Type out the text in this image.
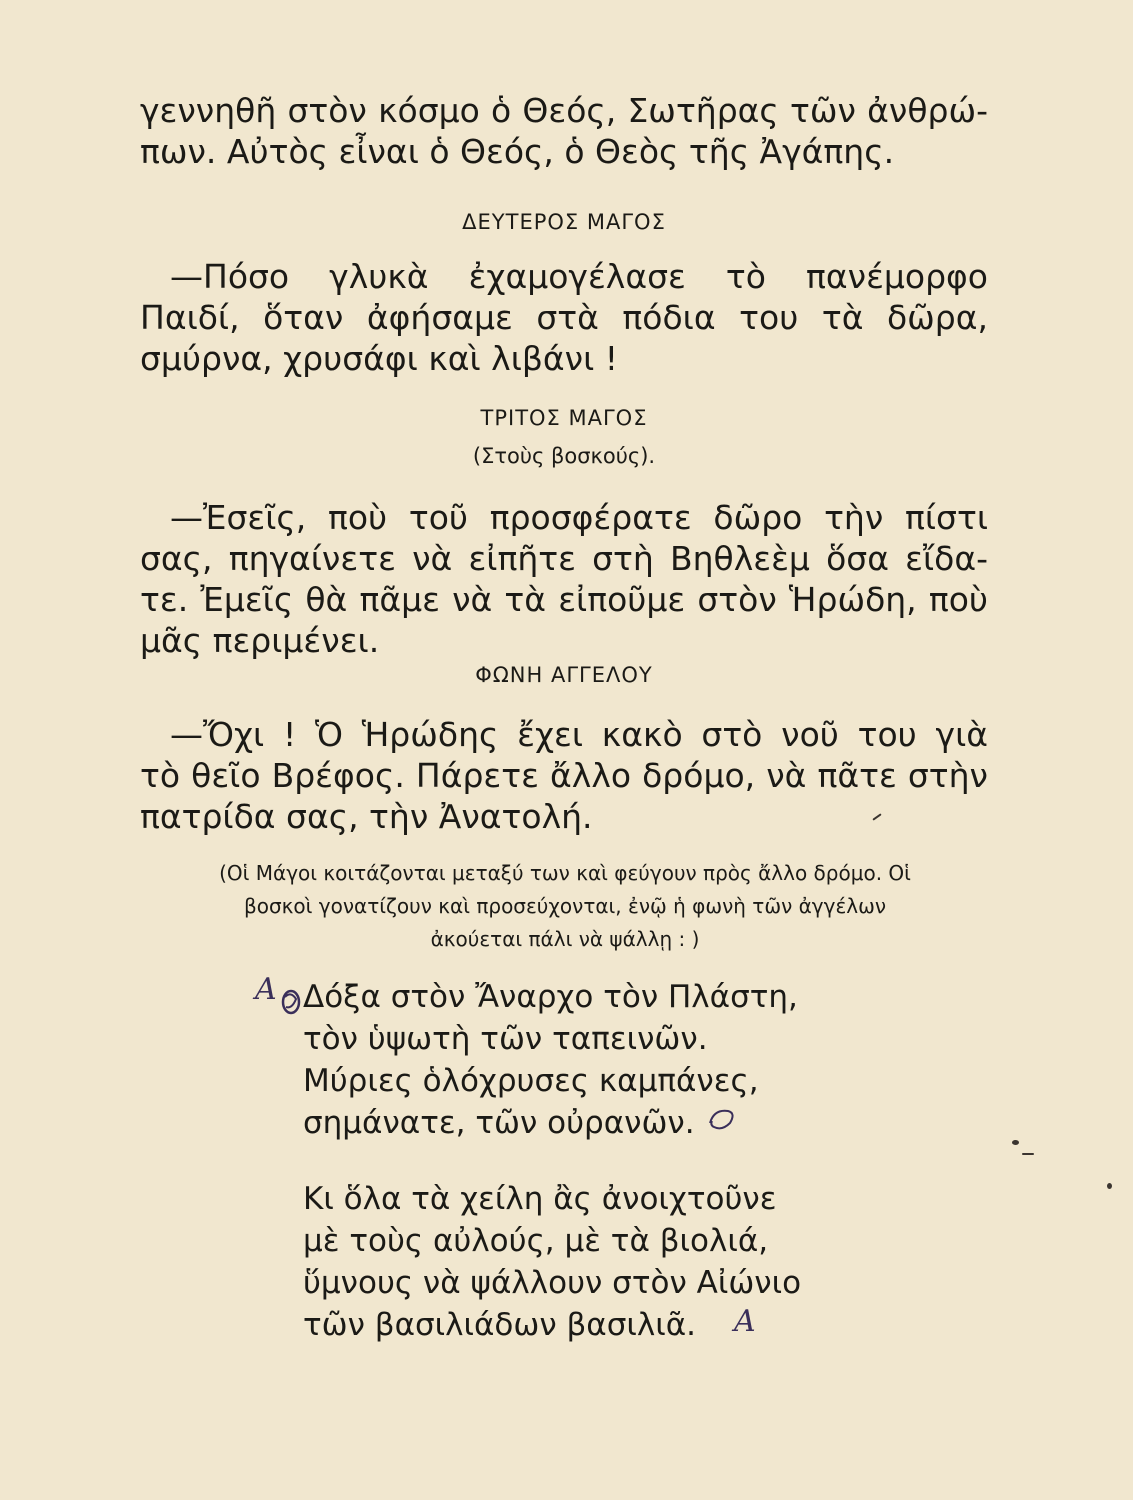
γεννηθῆ στὸν κόσμο ὁ Θεός, Σωτῆρας τῶν ἀνθρώ-
πων. Αὐτὸς εἶναι ὁ Θεός, ὁ Θεὸς τῆς Ἀγάπης.
ΔΕΥΤΕΡΟΣ ΜΑΓΟΣ
—Πόσο γλυκὰ ἐχαμογέλασε τὸ πανέμορφο
Παιδί, ὅταν ἀφήσαμε στὰ πόδια του τὰ δῶρα,
σμύρνα, χρυσάφι καὶ λιβάνι !
ΤΡΙΤΟΣ ΜΑΓΟΣ
(Στοὺς βοσκούς).
—Ἐσεῖς, ποὺ τοῦ προσφέρατε δῶρο τὴν πίστι
σας, πηγαίνετε νὰ εἰπῆτε στὴ Βηθλεὲμ ὅσα εἴδα-
τε. Ἐμεῖς θὰ πᾶμε νὰ τὰ εἰποῦμε στὸν Ἡρώδη, ποὺ
μᾶς περιμένει.
ΦΩΝΗ ΑΓΓΕΛΟΥ
—Ὄχι ! Ὁ Ἡρώδης ἔχει κακὸ στὸ νοῦ του γιὰ
τὸ θεῖο Βρέφος. Πάρετε ἄλλο δρόμο, νὰ πᾶτε στὴν
πατρίδα σας, τὴν Ἀνατολή.
(Οἱ Μάγοι κοιτάζονται μεταξύ των καὶ φεύγουν πρὸς ἄλλο δρόμο. Οἱ
βοσκοὶ γονατίζουν καὶ προσεύχονται, ἐνῷ ἡ φωνὴ τῶν ἀγγέλων
ἀκούεται πάλι νὰ ψάλλῃ : )
Δόξα στὸν Ἄναρχο τὸν Πλάστη,
τὸν ὑψωτὴ τῶν ταπεινῶν.
Μύριες ὁλόχρυσες καμπάνες,
σημάνατε, τῶν οὐρανῶν.
Κι ὅλα τὰ χείλη ἂς ἀνοιχτοῦνε
μὲ τοὺς αὐλούς, μὲ τὰ βιολιά,
ὕμνους νὰ ψάλλουν στὸν Αἰώνιο
τῶν βασιλιάδων βασιλιᾶ.
A
A
